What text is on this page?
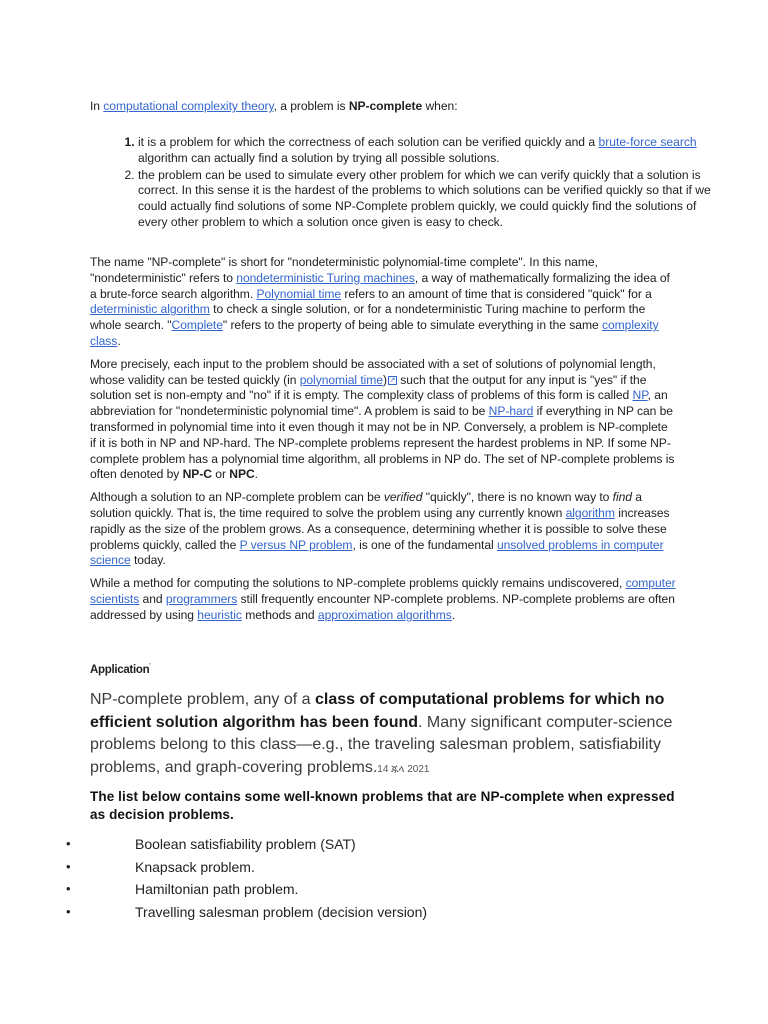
In computational complexity theory, a problem is NP-complete when:
1. it is a problem for which the correctness of each solution can be verified quickly and a brute-force search algorithm can actually find a solution by trying all possible solutions.
2. the problem can be used to simulate every other problem for which we can verify quickly that a solution is correct. In this sense it is the hardest of the problems to which solutions can be verified quickly so that if we could actually find solutions of some NP-Complete problem quickly, we could quickly find the solutions of every other problem to which a solution once given is easy to check.

The name "NP-complete" is short for "nondeterministic polynomial-time complete". In this name, "nondeterministic" refers to nondeterministic Turing machines, a way of mathematically formalizing the idea of a brute-force search algorithm. Polynomial time refers to an amount of time that is considered "quick" for a deterministic algorithm to check a single solution, or for a nondeterministic Turing machine to perform the whole search. "Complete" refers to the property of being able to simulate everything in the same complexity class.

More precisely, each input to the problem should be associated with a set of solutions of polynomial length, whose validity can be tested quickly (in polynomial time) ↗ such that the output for any input is "yes" if the solution set is non-empty and "no" if it is empty. The complexity class of problems of this form is called NP, an abbreviation for "nondeterministic polynomial time". A problem is said to be NP-hard if everything in NP can be transformed in polynomial time into it even though it may not be in NP. Conversely, a problem is NP-complete if it is both in NP and NP-hard. The NP-complete problems represent the hardest problems in NP. If some NP-complete problem has a polynomial time algorithm, all problems in NP do. The set of NP-complete problems is often denoted by NP-C or NPC.

Although a solution to an NP-complete problem can be verified "quickly", there is no known way to find a solution quickly. That is, the time required to solve the problem using any currently known algorithm increases rapidly as the size of the problem grows. As a consequence, determining whether it is possible to solve these problems quickly, called the P versus NP problem, is one of the fundamental unsolved problems in computer science today.

While a method for computing the solutions to NP-complete problems quickly remains undiscovered, computer scientists and programmers still frequently encounter NP-complete problems. NP-complete problems are often addressed by using heuristic methods and approximation algorithms.

Application'
NP-complete problem, any of a class of computational problems for which no efficient solution algorithm has been found. Many significant computer-science problems belong to this class—e.g., the traveling salesman problem, satisfiability problems, and graph-covering problems.14 ጁላ 2021
The list below contains some well-known problems that are NP-complete when expressed as decision problems.
•	Boolean satisfiability problem (SAT)
•	Knapsack problem.
•	Hamiltonian path problem.
•	Travelling salesman problem (decision version)
